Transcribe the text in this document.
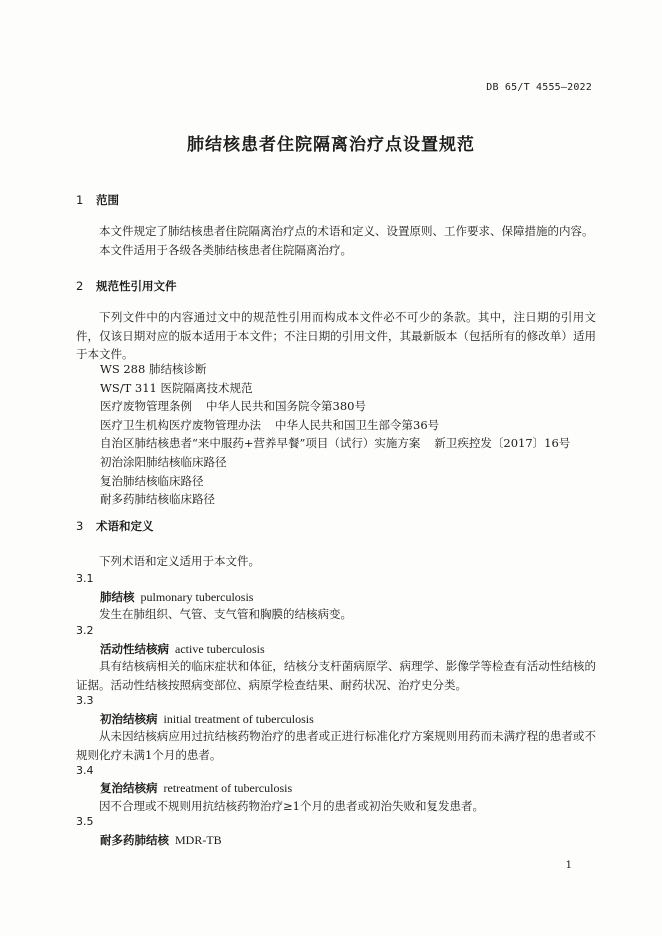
DB 65/T 4555—2022
肺结核患者住院隔离治疗点设置规范
1 范围
本文件规定了肺结核患者住院隔离治疗点的术语和定义、设置原则、工作要求、保障措施的内容。
本文件适用于各级各类肺结核患者住院隔离治疗。
2 规范性引用文件
下列文件中的内容通过文中的规范性引用而构成本文件必不可少的条款。其中，注日期的引用文件，仅该日期对应的版本适用于本文件；不注日期的引用文件，其最新版本（包括所有的修改单）适用于本文件。
WS 288 肺结核诊断
WS/T 311 医院隔离技术规范
医疗废物管理条例 中华人民共和国务院令第380号
医疗卫生机构医疗废物管理办法 中华人民共和国卫生部令第36号
自治区肺结核患者“来中服药+营养早餐”项目（试行）实施方案 新卫疾控发〔2017〕16号
初治涂阳肺结核临床路径
复治肺结核临床路径
耐多药肺结核临床路径
3 术语和定义
下列术语和定义适用于本文件。
3.1
肺结核 pulmonary tuberculosis
发生在肺组织、气管、支气管和胸膜的结核病变。
3.2
活动性结核病 active tuberculosis
具有结核病相关的临床症状和体征，结核分支杆菌病原学、病理学、影像学等检查有活动性结核的证据。活动性结核按照病变部位、病原学检查结果、耐药状况、治疗史分类。
3.3
初治结核病 initial treatment of tuberculosis
从未因结核病应用过抗结核药物治疗的患者或正进行标准化疗方案规则用药而未满疗程的患者或不规则化疗未满1个月的患者。
3.4
复治结核病 retreatment of tuberculosis
因不合理或不规则用抗结核药物治疗≥1个月的患者或初治失败和复发患者。
3.5
耐多药肺结核 MDR-TB
1
